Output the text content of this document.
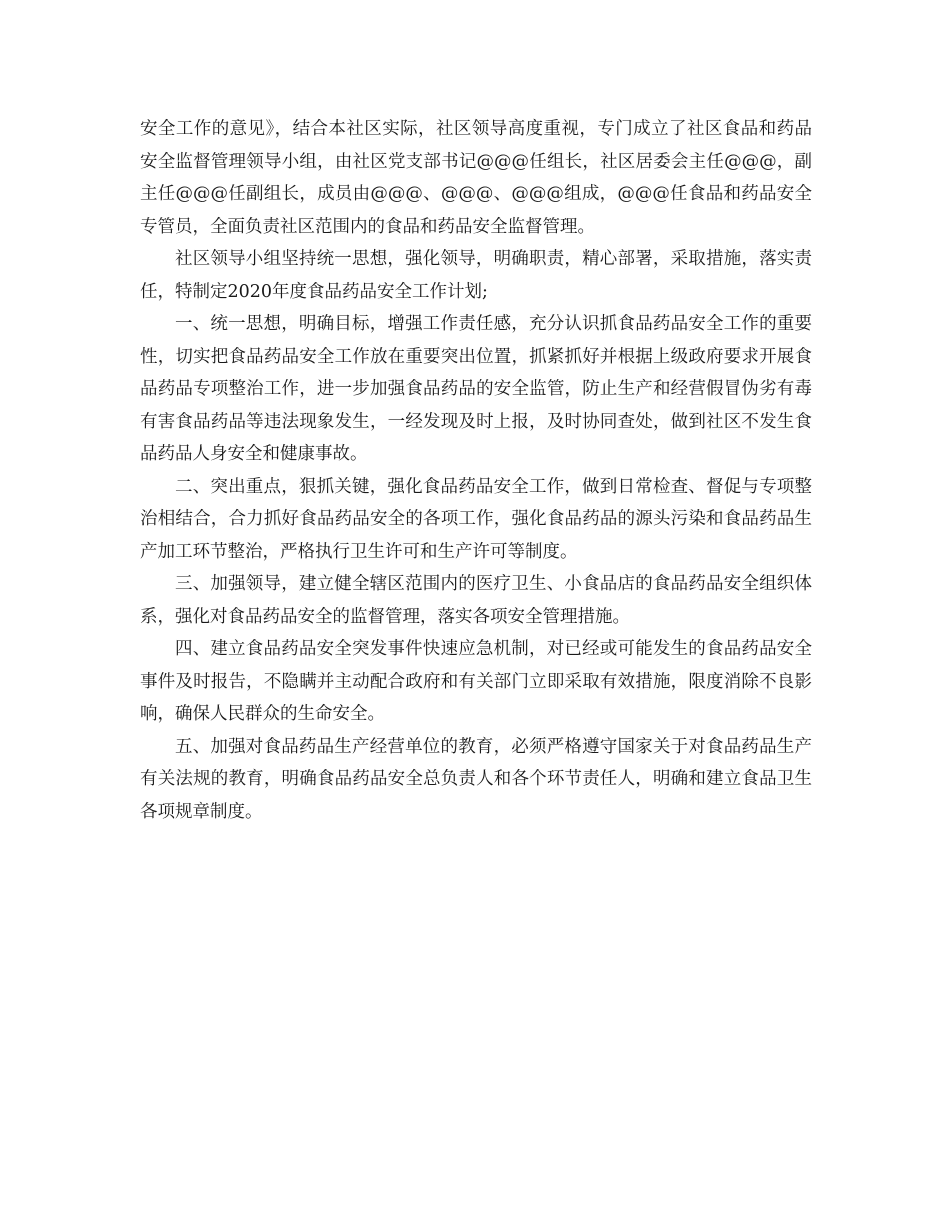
安全工作的意见》，结合本社区实际，社区领导高度重视，专门成立了社区食品和药品安全监督管理领导小组，由社区党支部书记@@@任组长，社区居委会主任@@@，副主任@@@任副组长，成员由@@@、@@@、@@@组成，@@@任食品和药品安全专管员，全面负责社区范围内的食品和药品安全监督管理。

社区领导小组坚持统一思想，强化领导，明确职责，精心部署，采取措施，落实责任，特制定2020年度食品药品安全工作计划;

一、统一思想，明确目标，增强工作责任感，充分认识抓食品药品安全工作的重要性，切实把食品药品安全工作放在重要突出位置，抓紧抓好并根据上级政府要求开展食品药品专项整治工作，进一步加强食品药品的安全监管，防止生产和经营假冒伪劣有毒有害食品药品等违法现象发生，一经发现及时上报，及时协同查处，做到社区不发生食品药品人身安全和健康事故。

二、突出重点，狠抓关键，强化食品药品安全工作，做到日常检查、督促与专项整治相结合，合力抓好食品药品安全的各项工作，强化食品药品的源头污染和食品药品生产加工环节整治，严格执行卫生许可和生产许可等制度。

三、加强领导，建立健全辖区范围内的医疗卫生、小食品店的食品药品安全组织体系，强化对食品药品安全的监督管理，落实各项安全管理措施。

四、建立食品药品安全突发事件快速应急机制，对已经或可能发生的食品药品安全事件及时报告，不隐瞒并主动配合政府和有关部门立即采取有效措施，限度消除不良影响，确保人民群众的生命安全。

五、加强对食品药品生产经营单位的教育，必须严格遵守国家关于对食品药品生产有关法规的教育，明确食品药品安全总负责人和各个环节责任人，明确和建立食品卫生各项规章制度。
